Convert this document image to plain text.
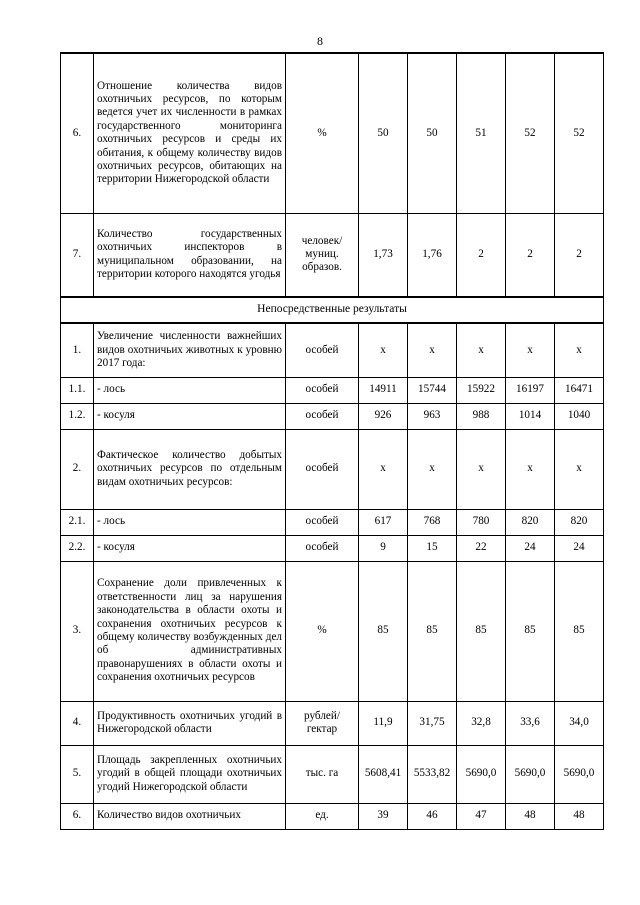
8
6.	Отношение количества видов охотничьих ресурсов, по которым ведется учет их численности в рамках государственного мониторинга охотничьих ресурсов и среды их обитания, к общему количеству видов охотничьих ресурсов, обитающих на территории Нижегородской области	%	50	50	51	52	52
7.	Количество государственных охотничьих инспекторов в муниципальном образовании, на территории которого находятся угодья	человек/ муниц. образов.	1,73	1,76	2	2	2
Непосредственные результаты							
1.	Увеличение численности важнейших видов охотничьих животных к уровню 2017 года:	особей	х	х	х	х	х
1.1.	- лось	особей	14911	15744	15922	16197	16471
1.2.	- косуля	особей	926	963	988	1014	1040
2.	Фактическое количество добытых охотничьих ресурсов по отдельным видам охотничьих ресурсов:	особей	х	х	х	х	х
2.1.	- лось	особей	617	768	780	820	820
2.2.	- косуля	особей	9	15	22	24	24
3.	Сохранение доли привлеченных к ответственности лиц за нарушения законодательства в области охоты и сохранения охотничьих ресурсов к общему количеству возбужденных дел об административных правонарушениях в области охоты и сохранения охотничьих ресурсов	%	85	85	85	85	85
4.	Продуктивность охотничьих угодий в Нижегородской области	рублей/гектар	11,9	31,75	32,8	33,6	34,0
5.	Площадь закрепленных охотничьих угодий в общей площади охотничьих угодий Нижегородской области	тыс. га	5608,41	5533,82	5690,0	5690,0	5690,0
6.	Количество видов охотничьих	ед.	39	46	47	48	48
